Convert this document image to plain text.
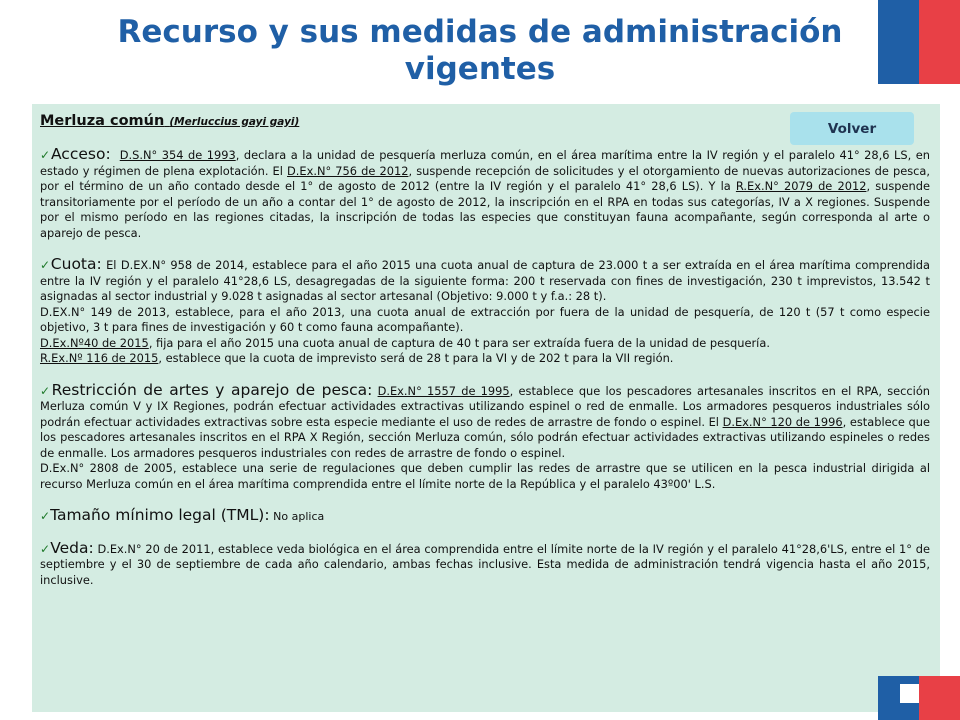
Recurso y sus medidas de administración vigentes
Volver

Merluza común (Merluccius gayi gayi)

✓Acceso: D.S.N° 354 de 1993, declara a la unidad de pesquería merluza común, en el área marítima entre la IV región y el paralelo 41° 28,6 LS, en estado y régimen de plena explotación. El D.Ex.N° 756 de 2012, suspende recepción de solicitudes y el otorgamiento de nuevas autorizaciones de pesca, por el término de un año contado desde el 1° de agosto de 2012 (entre la IV región y el paralelo 41° 28,6 LS). Y la R.Ex.N° 2079 de 2012, suspende transitoriamente por el período de un año a contar del 1° de agosto de 2012, la inscripción en el RPA en todas sus categorías, IV a X regiones. Suspende por el mismo período en las regiones citadas, la inscripción de todas las especies que constituyan fauna acompañante, según corresponda al arte o aparejo de pesca.

✓Cuota: El D.EX.N° 958 de 2014, establece para el año 2015 una cuota anual de captura de 23.000 t a ser extraída en el área marítima comprendida entre la IV región y el paralelo 41°28,6 LS, desagregadas de la siguiente forma: 200 t reservada con fines de investigación, 230 t imprevistos, 13.542 t asignadas al sector industrial y 9.028 t asignadas al sector artesanal (Objetivo: 9.000 t y f.a.: 28 t).

D.EX.N° 149 de 2013, establece, para el año 2013, una cuota anual de extracción por fuera de la unidad de pesquería, de 120 t (57 t como especie objetivo, 3 t para fines de investigación y 60 t como fauna acompañante).

D.Ex.Nº40 de 2015, fija para el año 2015 una cuota anual de captura de 40 t para ser extraída fuera de la unidad de pesquería.

R.Ex.Nº 116 de 2015, establece que la cuota de imprevisto será de 28 t para la VI y de 202 t para la VII región.

✓Restricción de artes y aparejo de pesca: D.Ex.N° 1557 de 1995, establece que los pescadores artesanales inscritos en el RPA, sección Merluza común V y IX Regiones, podrán efectuar actividades extractivas utilizando espinel o red de enmalle. Los armadores pesqueros industriales sólo podrán efectuar actividades extractivas sobre esta especie mediante el uso de redes de arrastre de fondo o espinel. El D.Ex.N° 120 de 1996, establece que los pescadores artesanales inscritos en el RPA X Región, sección Merluza común, sólo podrán efectuar actividades extractivas utilizando espineles o redes de enmalle. Los armadores pesqueros industriales con redes de arrastre de fondo o espinel.

D.Ex.N° 2808 de 2005, establece una serie de regulaciones que deben cumplir las redes de arrastre que se utilicen en la pesca industrial dirigida al recurso Merluza común en el área marítima comprendida entre el límite norte de la República y el paralelo 43º00' L.S.

✓Tamaño mínimo legal (TML): No aplica

✓Veda: D.Ex.N° 20 de 2011, establece veda biológica en el área comprendida entre el límite norte de la IV región y el paralelo 41°28,6'LS, entre el 1° de septiembre y el 30 de septiembre de cada año calendario, ambas fechas inclusive. Esta medida de administración tendrá vigencia hasta el año 2015, inclusive.
